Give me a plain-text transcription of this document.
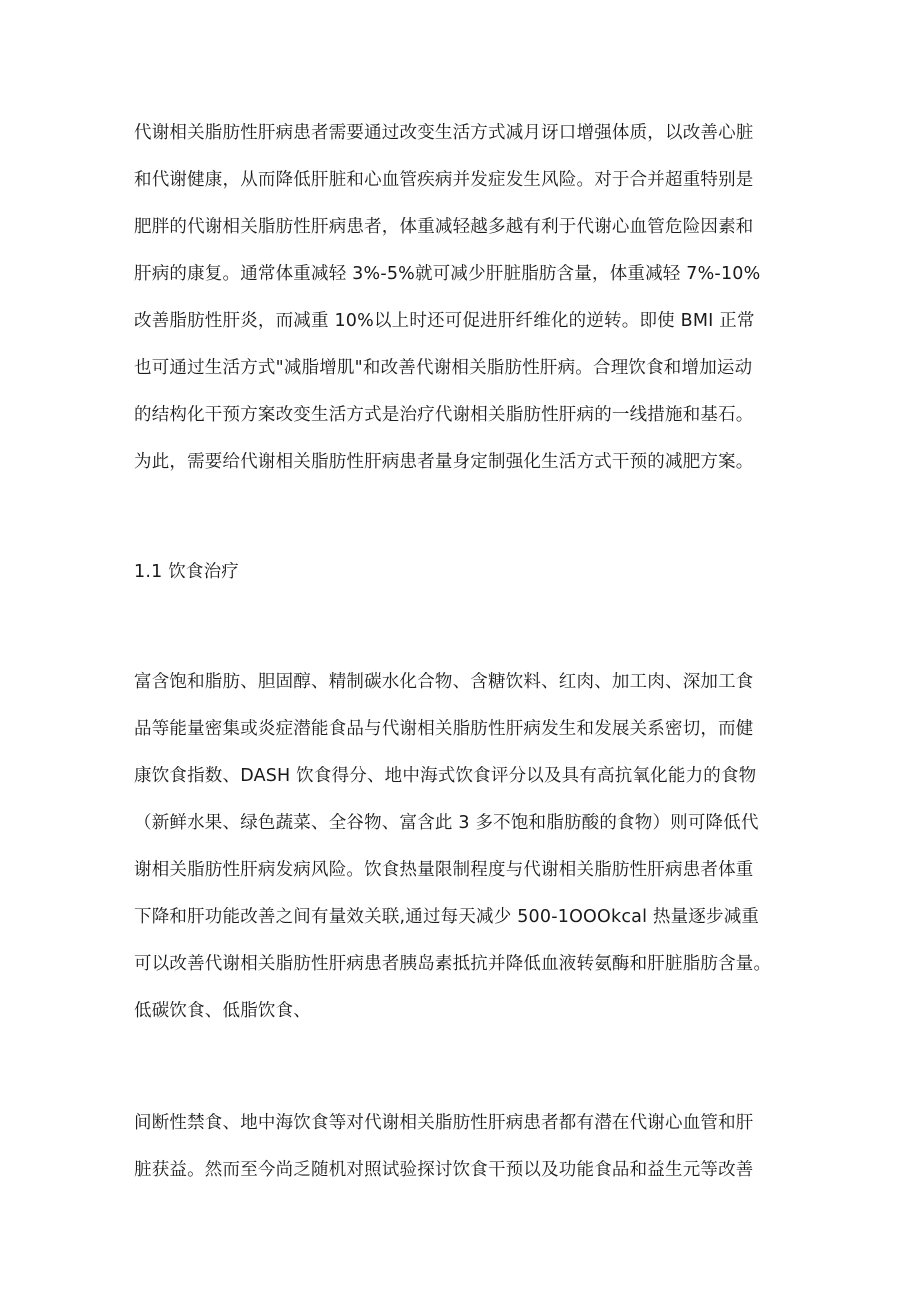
代谢相关脂肪性肝病患者需要通过改变生活方式减月讶口增强体质，以改善心脏
和代谢健康，从而降低肝脏和心血管疾病并发症发生风险。对于合并超重特别是
肥胖的代谢相关脂肪性肝病患者，体重减轻越多越有利于代谢心血管危险因素和
肝病的康复。通常体重减轻 3%-5%就可减少肝脏脂肪含量，体重减轻 7%-10%
改善脂肪性肝炎，而减重 10%以上时还可促进肝纤维化的逆转。即使 BMI 正常
也可通过生活方式"减脂增肌"和改善代谢相关脂肪性肝病。合理饮食和增加运动
的结构化干预方案改变生活方式是治疗代谢相关脂肪性肝病的一线措施和基石。
为此，需要给代谢相关脂肪性肝病患者量身定制强化生活方式干预的减肥方案。
1.1 饮食治疗
富含饱和脂肪、胆固醇、精制碳水化合物、含糖饮料、红肉、加工肉、深加工食
品等能量密集或炎症潜能食品与代谢相关脂肪性肝病发生和发展关系密切，而健
康饮食指数、DASH 饮食得分、地中海式饮食评分以及具有高抗氧化能力的食物
（新鲜水果、绿色蔬菜、全谷物、富含此 3 多不饱和脂肪酸的食物）则可降低代
谢相关脂肪性肝病发病风险。饮食热量限制程度与代谢相关脂肪性肝病患者体重
下降和肝功能改善之间有量效关联,通过每天减少 500-1OOOkcal 热量逐步减重
可以改善代谢相关脂肪性肝病患者胰岛素抵抗并降低血液转氨酶和肝脏脂肪含量。
低碳饮食、低脂饮食、
间断性禁食、地中海饮食等对代谢相关脂肪性肝病患者都有潜在代谢心血管和肝
脏获益。然而至今尚乏随机对照试验探讨饮食干预以及功能食品和益生元等改善
